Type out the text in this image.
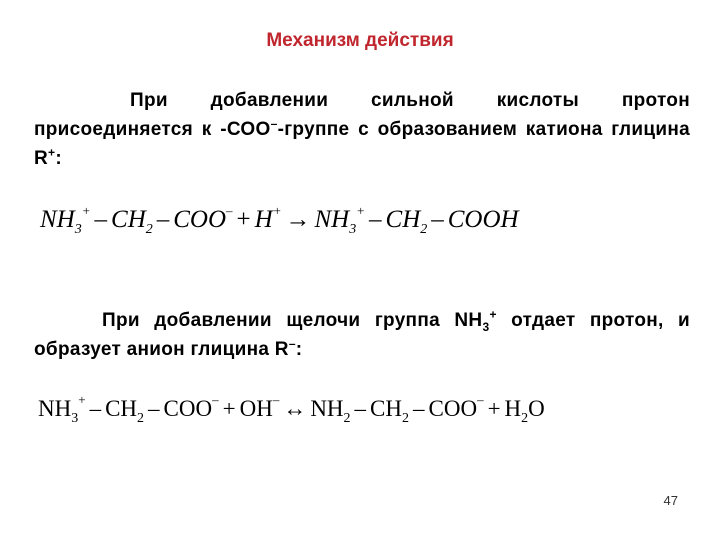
Механизм действия
При добавлении сильной кислоты протон присоединяется к -СОО–-группе с образованием катиона глицина R+:
$NH_3^+ - CH_2 - COO^- + H^+ \to NH_3^+ - CH_2$ – COOH
При добавлении щелочи группа $NH_3^+$ отдает протон, и образует анион глицина R–:
$NH_3^+ - CH_2 - COO^- + OH^-$ ↔ $NH_2 - CH_2 - COO^- + H_2O$
47
